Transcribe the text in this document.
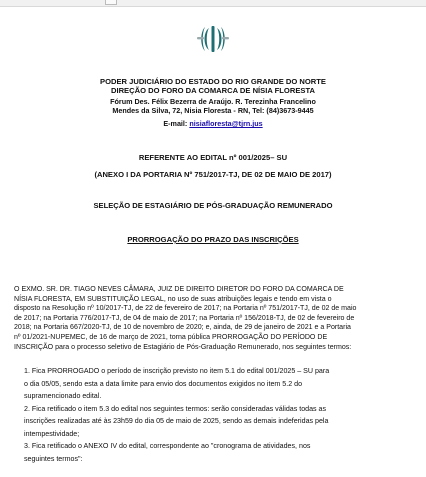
PODER JUDICIÁRIO DO ESTADO DO RIO GRANDE DO NORTE
DIREÇÃO DO FORO DA COMARCA DE NÍSIA FLORESTA
Fórum Des. Félix Bezerra de Araújo. R. Terezinha Francelino
Mendes da Silva, 72, Nisia Floresta - RN, Tel: (84)3673-9445
E-mail: nisiafloresta@tjrn.jus
REFERENTE AO EDITAL nº 001/2025– SU
(ANEXO I DA PORTARIA Nº 751/2017-TJ, DE 02 DE MAIO DE 2017)
SELEÇÃO DE ESTAGIÁRIO DE PÓS-GRADUAÇÃO REMUNERADO
PRORROGAÇÃO DO PRAZO DAS INSCRIÇÕES
O EXMO. SR. DR. TIAGO NEVES CÂMARA, JUIZ DE DIREITO DIRETOR DO FORO DA COMARCA DE
NÍSIA FLORESTA, EM SUBSTITUIÇÃO LEGAL, no uso de suas atribuições legais e tendo em vista o
disposto na Resolução nº 10/2017-TJ, de 22 de fevereiro de 2017; na Portaria nº 751/2017-TJ, de 02 de maio
de 2017; na Portaria 776/2017-TJ, de 04 de maio de 2017; na Portaria nº 156/2018-TJ, de 02 de fevereiro de
2018; na Portaria 667/2020-TJ, de 10 de novembro de 2020; e, ainda, de 29 de janeiro de 2021 e a Portaria
nº 01/2021-NUPEMEC, de 16 de março de 2021, torna pública PRORROGAÇÃO DO PERÍODO DE
INSCRIÇÃO para o processo seletivo de Estagiário de Pós-Graduação Remunerado, nos seguintes termos:
1. Fica PRORROGADO o período de inscrição previsto no item 5.1 do edital 001/2025 – SU para
o dia 05/05, sendo esta a data limite para envio dos documentos exigidos no item 5.2 do
supramencionado edital.
2. Fica retificado o item 5.3 do edital nos seguintes termos: serão consideradas válidas todas as
inscrições realizadas até às 23h59 do dia 05 de maio de 2025, sendo as demais indeferidas pela
intempestividade;
3. Fica retificado o ANEXO IV do edital, correspondente ao "cronograma de atividades, nos
seguintes termos":
